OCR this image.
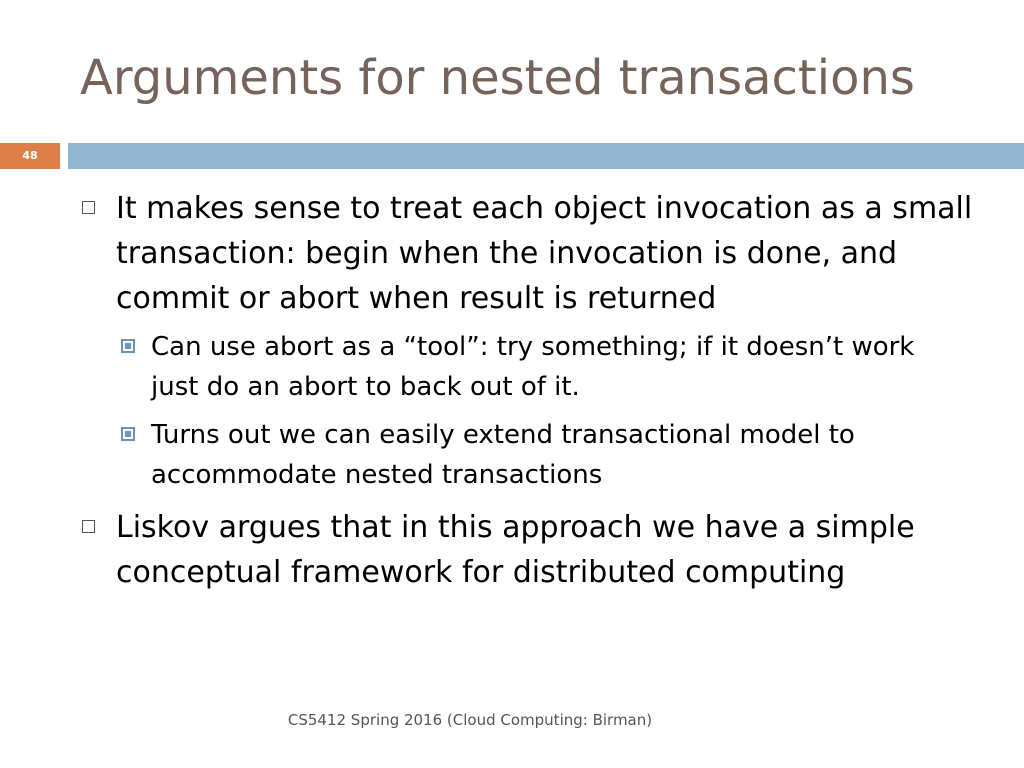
Arguments for nested transactions
48
It makes sense to treat each object invocation as a small transaction: begin when the invocation is done, and commit or abort when result is returned
Can use abort as a “tool”: try something; if it doesn’t work just do an abort to back out of it.
Turns out we can easily extend transactional model to accommodate nested transactions
Liskov argues that in this approach we have a simple conceptual framework for distributed computing
CS5412 Spring 2016 (Cloud Computing: Birman)
